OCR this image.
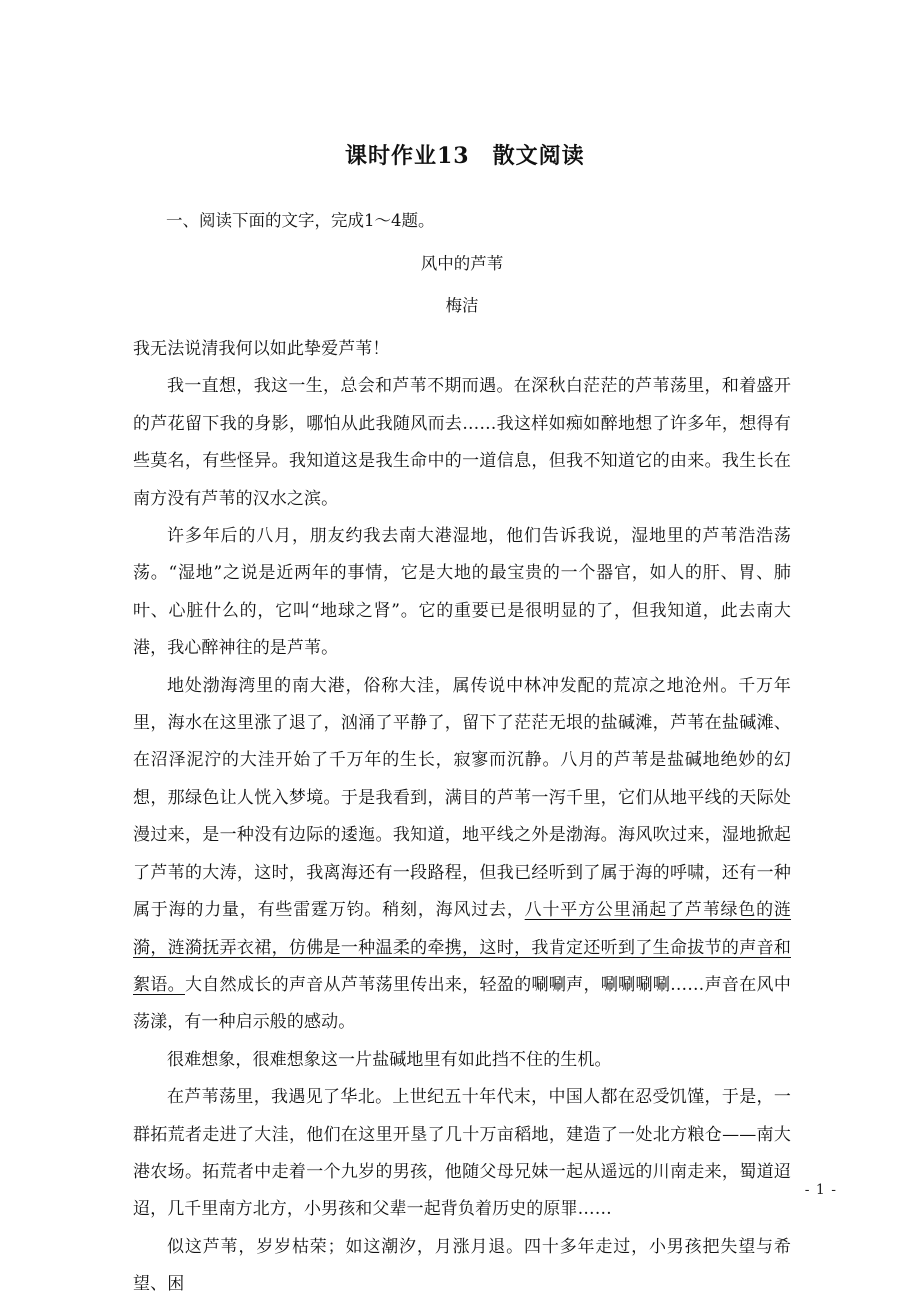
课时作业13　散文阅读
一、阅读下面的文字，完成1～4题。
风中的芦苇
梅洁

我无法说清我何以如此挚爱芦苇！

我一直想，我这一生，总会和芦苇不期而遇。在深秋白茫茫的芦苇荡里，和着盛开的芦花留下我的身影，哪怕从此我随风而去……我这样如痴如醉地想了许多年，想得有些莫名，有些怪异。我知道这是我生命中的一道信息，但我不知道它的由来。我生长在南方没有芦苇的汉水之滨。

许多年后的八月，朋友约我去南大港湿地，他们告诉我说，湿地里的芦苇浩浩荡荡。“湿地”之说是近两年的事情，它是大地的最宝贵的一个器官，如人的肝、胃、肺叶、心脏什么的，它叫“地球之肾”。它的重要已是很明显的了，但我知道，此去南大港，我心醉神往的是芦苇。

地处渤海湾里的南大港，俗称大洼，属传说中林冲发配的荒凉之地沧州。千万年里，海水在这里涨了退了，汹涌了平静了，留下了茫茫无垠的盐碱滩，芦苇在盐碱滩、在沼泽泥泞的大洼开始了千万年的生长，寂寥而沉静。八月的芦苇是盐碱地绝妙的幻想，那绿色让人恍入梦境。于是我看到，满目的芦苇一泻千里，它们从地平线的天际处漫过来，是一种没有边际的逶迤。我知道，地平线之外是渤海。海风吹过来，湿地掀起了芦苇的大涛，这时，我离海还有一段路程，但我已经听到了属于海的呼啸，还有一种属于海的力量，有些雷霆万钧。稍刻，海风过去，八十平方公里涌起了芦苇绿色的涟漪，涟漪抚弄衣裙，仿佛是一种温柔的牵携，这时，我肯定还听到了生命拔节的声音和絮语。大自然成长的声音从芦苇荡里传出来，轻盈的唰唰声，唰唰唰唰……声音在风中荡漾，有一种启示般的感动。

很难想象，很难想象这一片盐碱地里有如此挡不住的生机。

在芦苇荡里，我遇见了华北。上世纪五十年代末，中国人都在忍受饥馑，于是，一群拓荒者走进了大洼，他们在这里开垦了几十万亩稻地，建造了一处北方粮仓——南大港农场。拓荒者中走着一个九岁的男孩，他随父母兄妹一起从遥远的川南走来，蜀道迢迢，几千里南方北方，小男孩和父辈一起背负着历史的原罪……

似这芦苇，岁岁枯荣；如这潮汐，月涨月退。四十多年走过，小男孩把失望与希望、困

- 1 -
